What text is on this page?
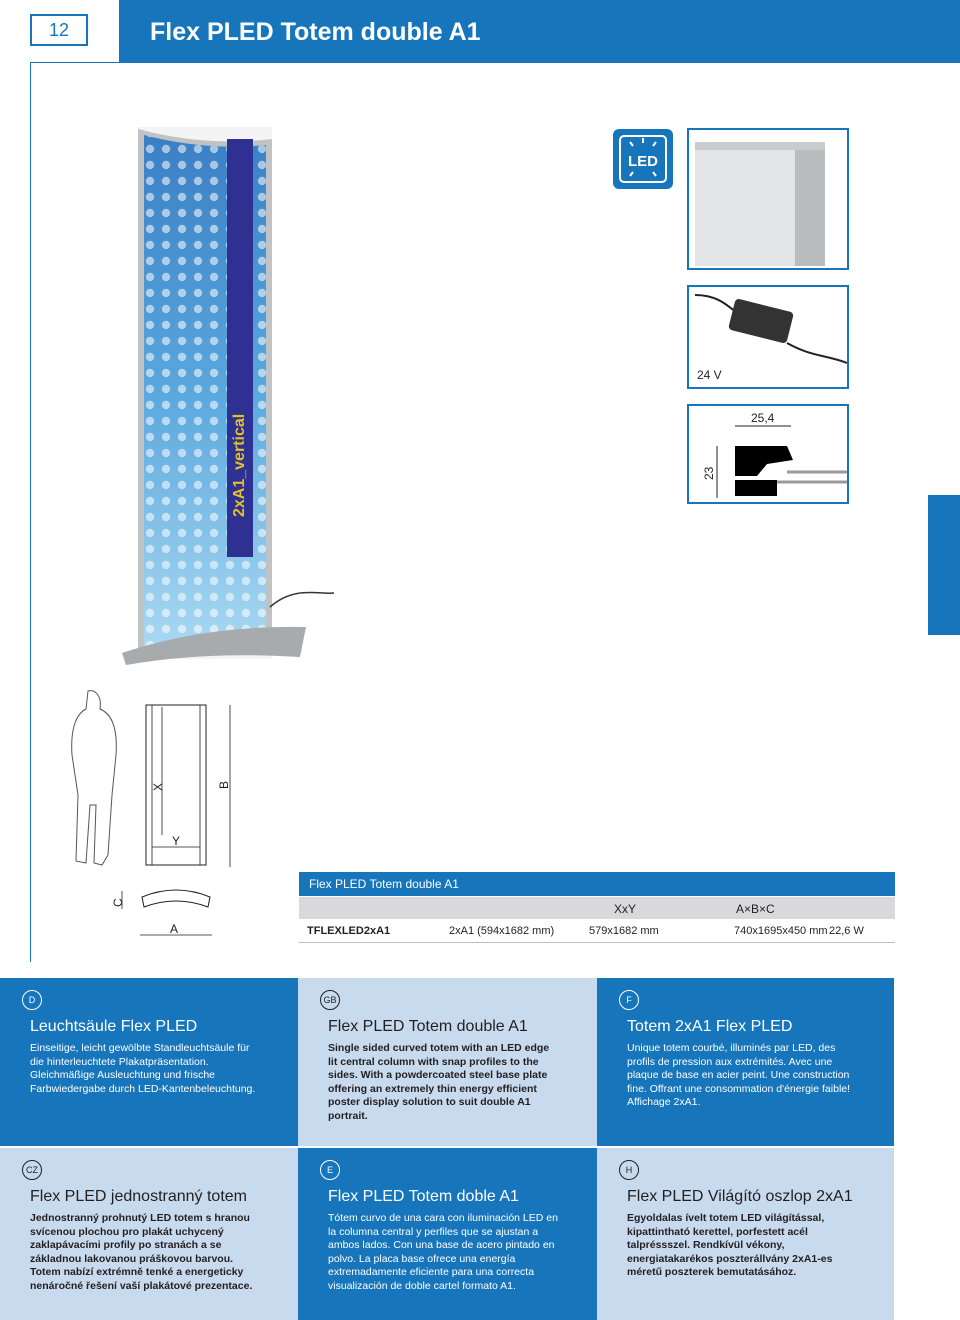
12	Flex PLED Totem double A1
2xA1_vertical
LED
24 V
25,4
23
X	B
Y
C
A
Flex PLED Totem double A1
XxY	A×B×C
TFLEXLED2xA1	2xA1 (594x1682 mm)	579x1682 mm	740x1695x450 mm 22,6 W
D
Leuchtsäule Flex PLED
Einseitige, leicht gewölbte Standleuchtsäule für die hinterleuchtete Plakatpräsentation. Gleichmäßige Ausleuchtung und frische Farbwiedergabe durch LED-Kantenbeleuchtung.
GB
Flex PLED Totem double A1
Single sided curved totem with an LED edge lit central column with snap profiles to the sides. With a powdercoated steel base plate offering an extremely thin energy efficient poster display solution to suit double A1 portrait.
F
Totem 2xA1 Flex PLED
Unique totem courbé, illuminés par LED, des profils de pression aux extrémités. Avec une plaque de base en acier peint. Une construction fine. Offrant une consommation d'énergie faible! Affichage 2xA1.
CZ
Flex PLED jednostranný totem
Jednostranný prohnutý LED totem s hranou svícenou plochou pro plakát uchycený zaklapávacími profily po stranách a se základnou lakovanou práškovou barvou. Totem nabízí extrémně tenké a energeticky nenáročné řešení vaší plakátové prezentace.
E
Flex PLED Totem doble A1
Tótem curvo de una cara con iluminación LED en la columna central y perfiles que se ajustan a ambos lados. Con una base de acero pintado en polvo. La placa base ofrece una energía extremadamente eficiente para una correcta visualización de doble cartel formato A1.
H
Flex PLED Világító oszlop 2xA1
Egyoldalas ívelt totem LED világítással, kipattintható kerettel, porfestett acél talpréssszel. Rendkívül vékony, energiatakarékos poszterállvány 2xA1-es méretű poszterek bemutatásához.
